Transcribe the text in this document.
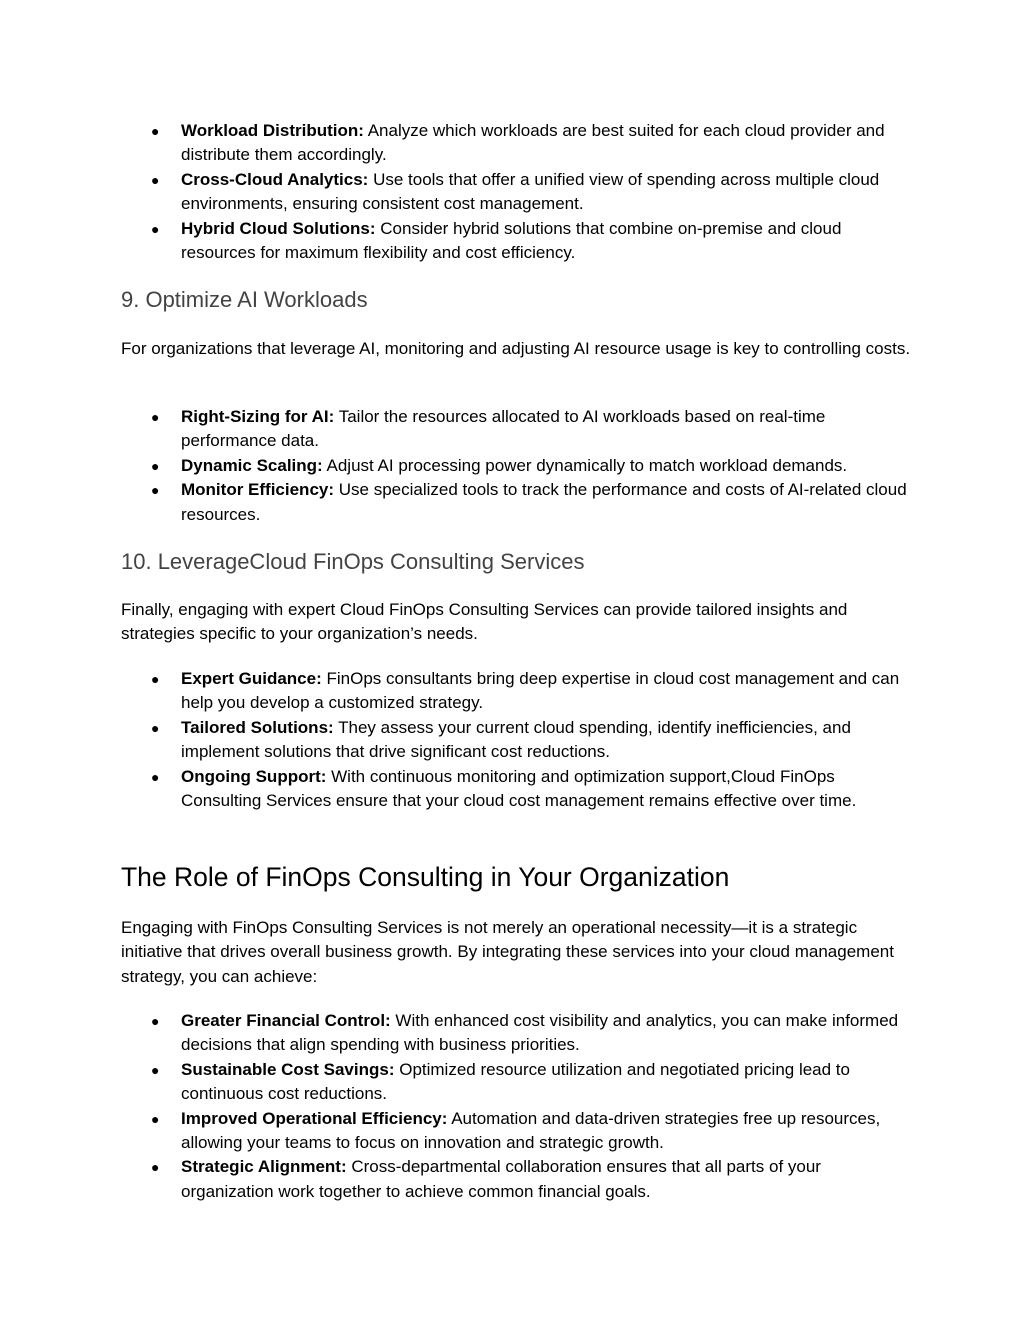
● Workload Distribution: Analyze which workloads are best suited for each cloud provider and distribute them accordingly.
● Cross-Cloud Analytics: Use tools that offer a unified view of spending across multiple cloud environments, ensuring consistent cost management.
● Hybrid Cloud Solutions: Consider hybrid solutions that combine on-premise and cloud resources for maximum flexibility and cost efficiency.
9. Optimize AI Workloads

For organizations that leverage AI, monitoring and adjusting AI resource usage is key to controlling costs.

● Right-Sizing for AI: Tailor the resources allocated to AI workloads based on real-time performance data.
● Dynamic Scaling: Adjust AI processing power dynamically to match workload demands.
● Monitor Efficiency: Use specialized tools to track the performance and costs of AI-related cloud resources.
10. LeverageCloud FinOps Consulting Services

Finally, engaging with expert Cloud FinOps Consulting Services can provide tailored insights and strategies specific to your organization’s needs.

● Expert Guidance: FinOps consultants bring deep expertise in cloud cost management and can help you develop a customized strategy.
● Tailored Solutions: They assess your current cloud spending, identify inefficiencies, and implement solutions that drive significant cost reductions.
● Ongoing Support: With continuous monitoring and optimization support,Cloud FinOps Consulting Services ensure that your cloud cost management remains effective over time.
The Role of FinOps Consulting in Your Organization

Engaging with FinOps Consulting Services is not merely an operational necessity—it is a strategic initiative that drives overall business growth. By integrating these services into your cloud management strategy, you can achieve:

● Greater Financial Control: With enhanced cost visibility and analytics, you can make informed decisions that align spending with business priorities.
● Sustainable Cost Savings: Optimized resource utilization and negotiated pricing lead to continuous cost reductions.
● Improved Operational Efficiency: Automation and data-driven strategies free up resources, allowing your teams to focus on innovation and strategic growth.
● Strategic Alignment: Cross-departmental collaboration ensures that all parts of your organization work together to achieve common financial goals.
